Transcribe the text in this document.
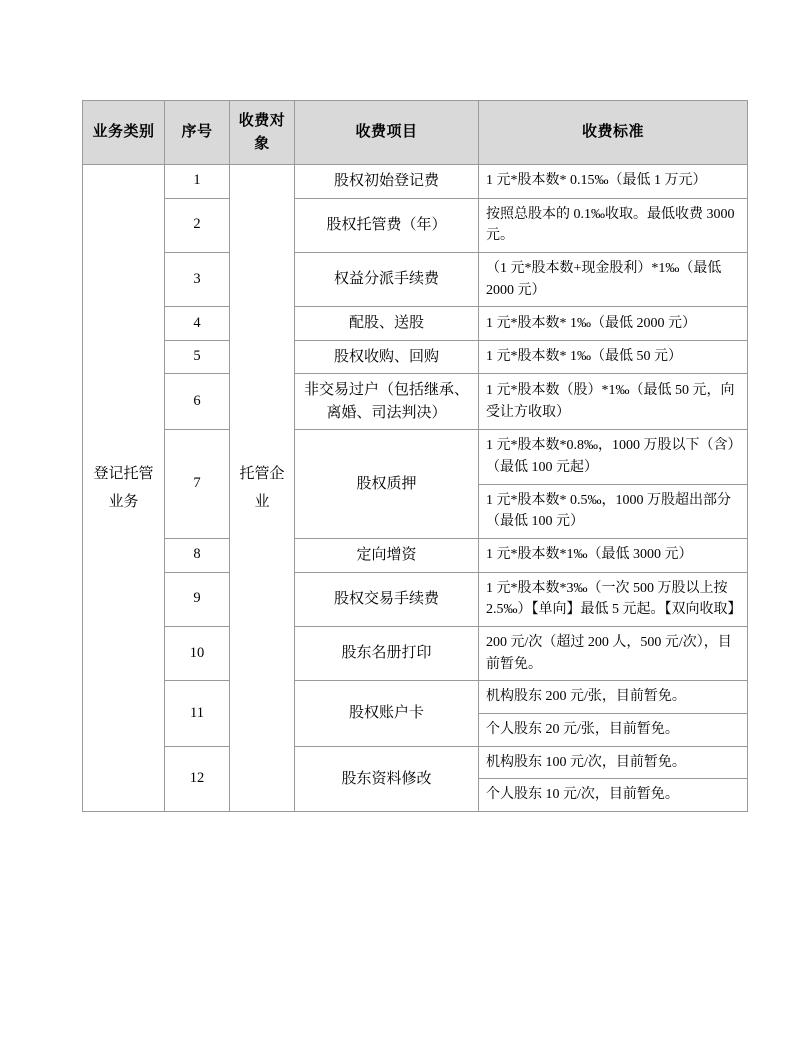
业务类别	序号	收费对象	收费项目	收费标准
登记托管业务	1	托管企业	股权初始登记费	1 元*股本数* 0.15‰（最低 1 万元）
	2		股权托管费（年）	按照总股本的 0.1‰收取。最低收费 3000 元。
	3		权益分派手续费	（1 元*股本数+现金股利）*1‰（最低 2000 元）
	4		配股、送股	1 元*股本数* 1‰（最低 2000 元）
	5		股权收购、回购	1 元*股本数* 1‰（最低 50 元）
	6		非交易过户（包括继承、离婚、司法判决）	1 元*股本数（股）*1‰（最低 50 元，向受让方收取）
	7		股权质押	1 元*股本数*0.8‰，1000 万股以下（含）（最低 100 元起）
				1 元*股本数* 0.5‰，1000 万股超出部分（最低 100 元）
	8		定向增资	1 元*股本数*1‰（最低 3000 元）
	9		股权交易手续费	1 元*股本数*3‰（一次 500 万股以上按 2.5‰）【单向】最低 5 元起。【双向收取】
	10		股东名册打印	200 元/次（超过 200 人，500 元/次），目前暂免。
	11		股权账户卡	机构股东 200 元/张，目前暂免。
				个人股东 20 元/张，目前暂免。
	12		股东资料修改	机构股东 100 元/次，目前暂免。
				个人股东 10 元/次，目前暂免。
